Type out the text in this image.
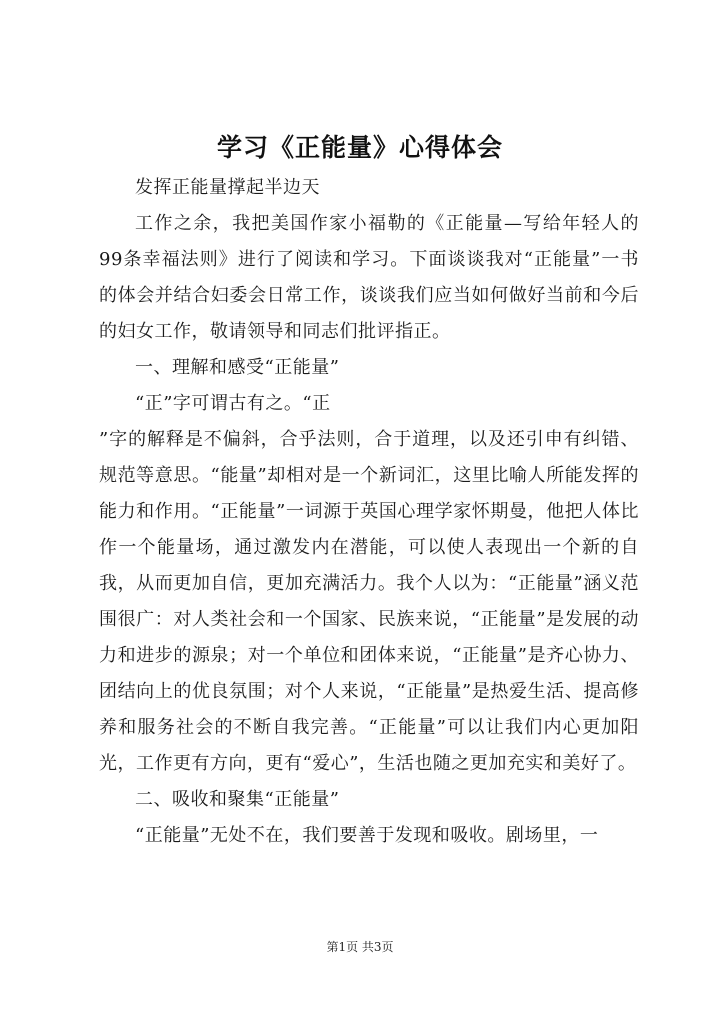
学习《正能量》心得体会

发挥正能量撑起半边天

工作之余，我把美国作家小福勒的《正能量—写给年轻人的99条幸福法则》进行了阅读和学习。下面谈谈我对“正能量”一书的体会并结合妇委会日常工作，谈谈我们应当如何做好当前和今后的妇女工作，敬请领导和同志们批评指正。

一、理解和感受“正能量”

“正”字可谓古有之。“正

”字的解释是不偏斜，合乎法则，合于道理，以及还引申有纠错、规范等意思。“能量”却相对是一个新词汇，这里比喻人所能发挥的能力和作用。“正能量”一词源于英国心理学家怀期曼，他把人体比作一个能量场，通过激发内在潜能，可以使人表现出一个新的自我，从而更加自信，更加充满活力。我个人以为：“正能量”涵义范围很广：对人类社会和一个国家、民族来说，“正能量”是发展的动力和进步的源泉；对一个单位和团体来说，“正能量”是齐心协力、团结向上的优良氛围；对个人来说，“正能量”是热爱生活、提高修养和服务社会的不断自我完善。“正能量”可以让我们内心更加阳光，工作更有方向，更有“爱心”，生活也随之更加充实和美好了。

二、吸收和聚集“正能量”

“正能量”无处不在，我们要善于发现和吸收。剧场里，一

第1页 共3页
